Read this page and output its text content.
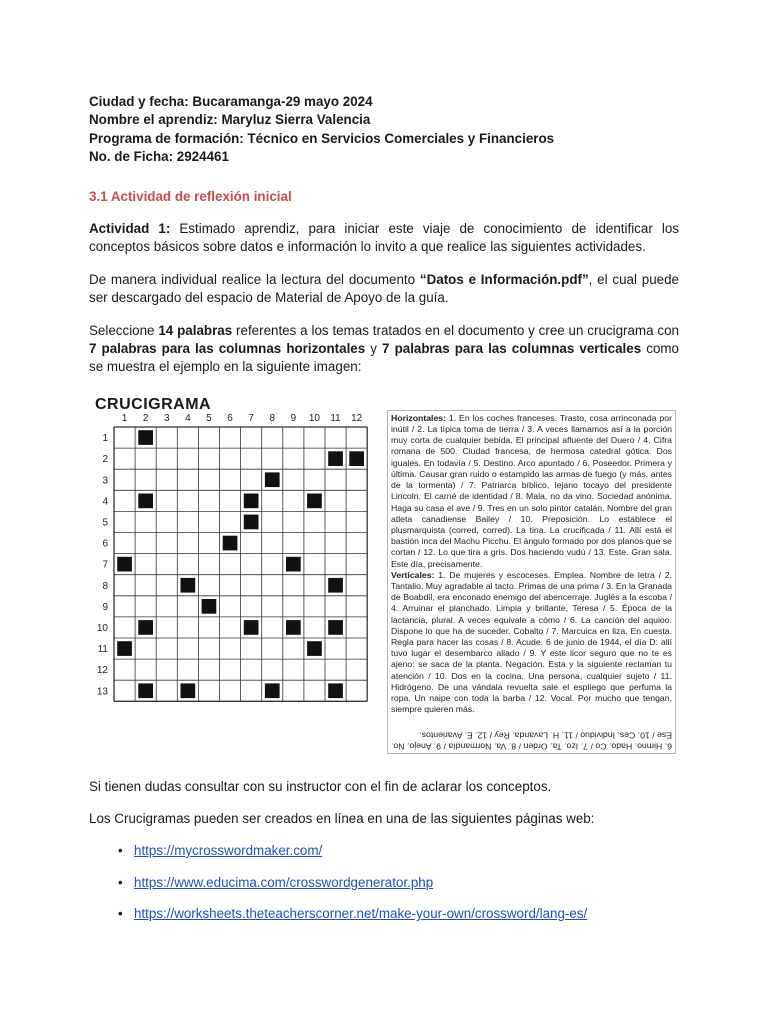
Ciudad y fecha: Bucaramanga-29 mayo 2024

Nombre el aprendiz: Maryluz Sierra Valencia

Programa de formación: Técnico en Servicios Comerciales y Financieros

No. de Ficha: 2924461

3.1 Actividad de reflexión inicial

Actividad 1: Estimado aprendiz, para iniciar este viaje de conocimiento de identificar los conceptos básicos sobre datos e información lo invito a que realice las siguientes actividades.

De manera individual realice la lectura del documento “Datos e Información.pdf”, el cual puede ser descargado del espacio de Material de Apoyo de la guía.

Seleccione 14 palabras referentes a los temas tratados en el documento y cree un crucigrama con 7 palabras para las columnas horizontales y 7 palabras para las columnas verticales como se muestra el ejemplo en la siguiente imagen:

CRUCIGRAMA
1 2 3 4 5 6 7 8 9 10 11 12
1
2
3
4
5
6
7
8
9
10
11
12
13

Horizontales: 1. En los coches franceses. Trasto, cosa arrinconada por inútil / 2. La típica toma de tierra / 3. A veces llamamos así a la porción muy corta de cualquier bebida. El principal afluente del Duero / 4. Cifra romana de 500. Ciudad francesa, de hermosa catedral gótica. Dos iguales. En todavía / 5. Destino. Arco apuntado / 6. Poseedor. Primera y última. Causar gran ruido o estampido las armas de fuego (y más, antes de la tormenta) / 7. Patriarca bíblico, lejano tocayo del presidente Lincoln. El carné de identidad / 8. Mala, no da vino. Sociedad anónima. Haga su casa el ave / 9. Tres en un solo pintor catalán. Nombre del gran atleta canadiense Bailey / 10. Preposición. Lo establece el plusmarquista (corred, corred). La tina. La crucificada / 11. Allí está el bastión inca del Machu Picchu. El ángulo formado por dos planos que se cortan / 12. Lo que tira a gris. Dos haciendo vudú / 13. Este. Gran sala. Este día, precisamente.

Verticales: 1. De mujeres y escoceses. Emplea. Nombre de letra / 2. Tantalio. Muy agradable al tacto. Primas de una prima / 3. En la Granada de Boabdil, era enconado enemigo del abencerraje. Juglés a la escoba / 4. Arruinar el planchado. Limpia y brillante, Teresa / 5. Época de la lactancia, plural. A veces equivale a cómo / 6. La canción del aquioo. Dispone lo que ha de suceder. Cobalto / 7. Marcuica en liza. En cuesta. Regla para hacer las cosas / 8. Acude. 6 de junio de 1944, el día D: allí tuvo lugar el desembarco aliado / 9. Y este licor seguro que no te es ajeno: se saca de la planta. Negación. Esta y la siguiente reclaman tu atención / 10. Dos en la cocina. Una persona, cualquier sujeto / 11. Hidrógeno. De una vándala revuelta sale el espliego que perfuma la ropa. Un naipe con toda la barba / 12. Vocal. Por mucho que tengan, siempre quieren más.

6. Himno. Hado. Co / 7. Izo. Ta. Orden / 8. Va. Normandía / 9. Anejo. No. Ese / 10. Ces. Individuo / 11. H. Lavanda. Rey / 12. E. Avarientos.

Si tienen dudas consultar con su instructor con el fin de aclarar los conceptos.

Los Crucigramas pueden ser creados en línea en una de las siguientes páginas web:

• https://mycrosswordmaker.com/
• https://www.educima.com/crosswordgenerator.php
• https://worksheets.theteacherscorner.net/make-your-own/crossword/lang-es/
